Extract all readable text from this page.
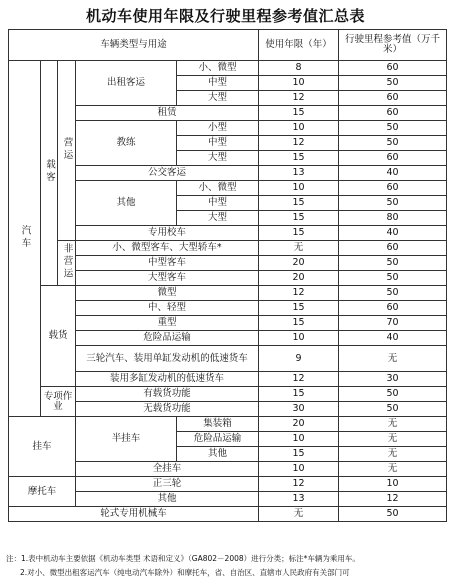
机动车使用年限及行驶里程参考值汇总表
车辆类型与用途					使用年限（年）	行驶里程参考值（万千米）
汽车	载客	营运	出租客运	小、微型	8	60
				中型	10	50
				大型	12	60
			租赁		15	60
			教练	小型	10	50
				中型	12	50
				大型	15	60
			公交客运		13	40
			其他	小、微型	10	60
				中型	15	50
				大型	15	80
			专用校车		15	40
		非营运	小、微型客车、大型轿车*		无	60
			中型客车		20	50
			大型客车		20	50
	载货		微型		12	50
			中、轻型		15	60
			重型		15	70
			危险品运输		10	40
			三轮汽车、装用单缸发动机的低速货车		9	无
			装用多缸发动机的低速货车		12	30
	专项作业		有载货功能		15	50
			无载货功能		30	50
挂车			半挂车	集装箱	20	无
				危险品运输	10	无
				其他	15	无
			全挂车		10	无
摩托车			正三轮		12	10
			其他		13	12
轮式专用机械车					无	50
注：1.表中机动车主要依据《机动车类型 术语和定义》（GA802－2008）进行分类；标注*车辆为乘用车。
2.对小、微型出租客运汽车（纯电动汽车除外）和摩托车，省、自治区、直辖市人民政府有关部门可
